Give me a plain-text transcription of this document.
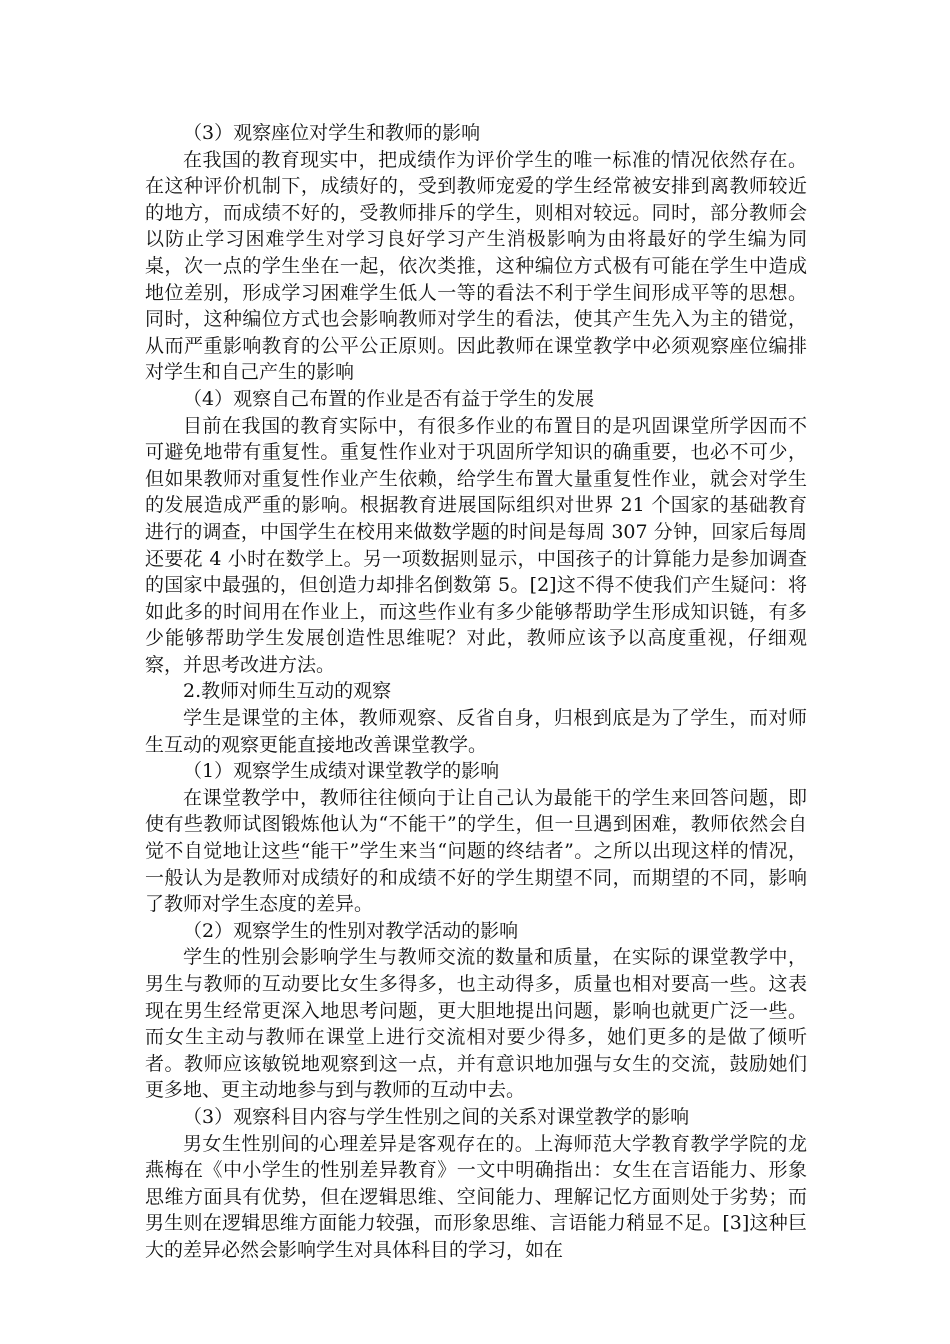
（3）观察座位对学生和教师的影响

在我国的教育现实中，把成绩作为评价学生的唯一标准的情况依然存在。在这种评价机制下，成绩好的，受到教师宠爱的学生经常被安排到离教师较近的地方，而成绩不好的，受教师排斥的学生，则相对较远。同时，部分教师会以防止学习困难学生对学习良好学习产生消极影响为由将最好的学生编为同桌，次一点的学生坐在一起，依次类推，这种编位方式极有可能在学生中造成地位差别，形成学习困难学生低人一等的看法不利于学生间形成平等的思想。同时，这种编位方式也会影响教师对学生的看法，使其产生先入为主的错觉，从而严重影响教育的公平公正原则。因此教师在课堂教学中必须观察座位编排对学生和自己产生的影响

（4）观察自己布置的作业是否有益于学生的发展

目前在我国的教育实际中，有很多作业的布置目的是巩固课堂所学因而不可避免地带有重复性。重复性作业对于巩固所学知识的确重要，也必不可少，但如果教师对重复性作业产生依赖，给学生布置大量重复性作业，就会对学生的发展造成严重的影响。根据教育进展国际组织对世界 21 个国家的基础教育进行的调查，中国学生在校用来做数学题的时间是每周 307 分钟，回家后每周还要花 4 小时在数学上。另一项数据则显示，中国孩子的计算能力是参加调查的国家中最强的，但创造力却排名倒数第 5。[2]这不得不使我们产生疑问：将如此多的时间用在作业上，而这些作业有多少能够帮助学生形成知识链，有多少能够帮助学生发展创造性思维呢？对此，教师应该予以高度重视，仔细观察，并思考改进方法。

2.教师对师生互动的观察

学生是课堂的主体，教师观察、反省自身，归根到底是为了学生，而对师生互动的观察更能直接地改善课堂教学。

（1）观察学生成绩对课堂教学的影响

在课堂教学中，教师往往倾向于让自己认为最能干的学生来回答问题，即使有些教师试图锻炼他认为“不能干”的学生，但一旦遇到困难，教师依然会自觉不自觉地让这些“能干”学生来当“问题的终结者”。之所以出现这样的情况，一般认为是教师对成绩好的和成绩不好的学生期望不同，而期望的不同，影响了教师对学生态度的差异。

（2）观察学生的性别对教学活动的影响

学生的性别会影响学生与教师交流的数量和质量，在实际的课堂教学中，男生与教师的互动要比女生多得多，也主动得多，质量也相对要高一些。这表现在男生经常更深入地思考问题，更大胆地提出问题，影响也就更广泛一些。而女生主动与教师在课堂上进行交流相对要少得多，她们更多的是做了倾听者。教师应该敏锐地观察到这一点，并有意识地加强与女生的交流，鼓励她们更多地、更主动地参与到与教师的互动中去。

（3）观察科目内容与学生性别之间的关系对课堂教学的影响

男女生性别间的心理差异是客观存在的。上海师范大学教育教学学院的龙燕梅在《中小学生的性别差异教育》一文中明确指出：女生在言语能力、形象思维方面具有优势，但在逻辑思维、空间能力、理解记忆方面则处于劣势；而男生则在逻辑思维方面能力较强，而形象思维、言语能力稍显不足。[3]这种巨大的差异必然会影响学生对具体科目的学习，如在
